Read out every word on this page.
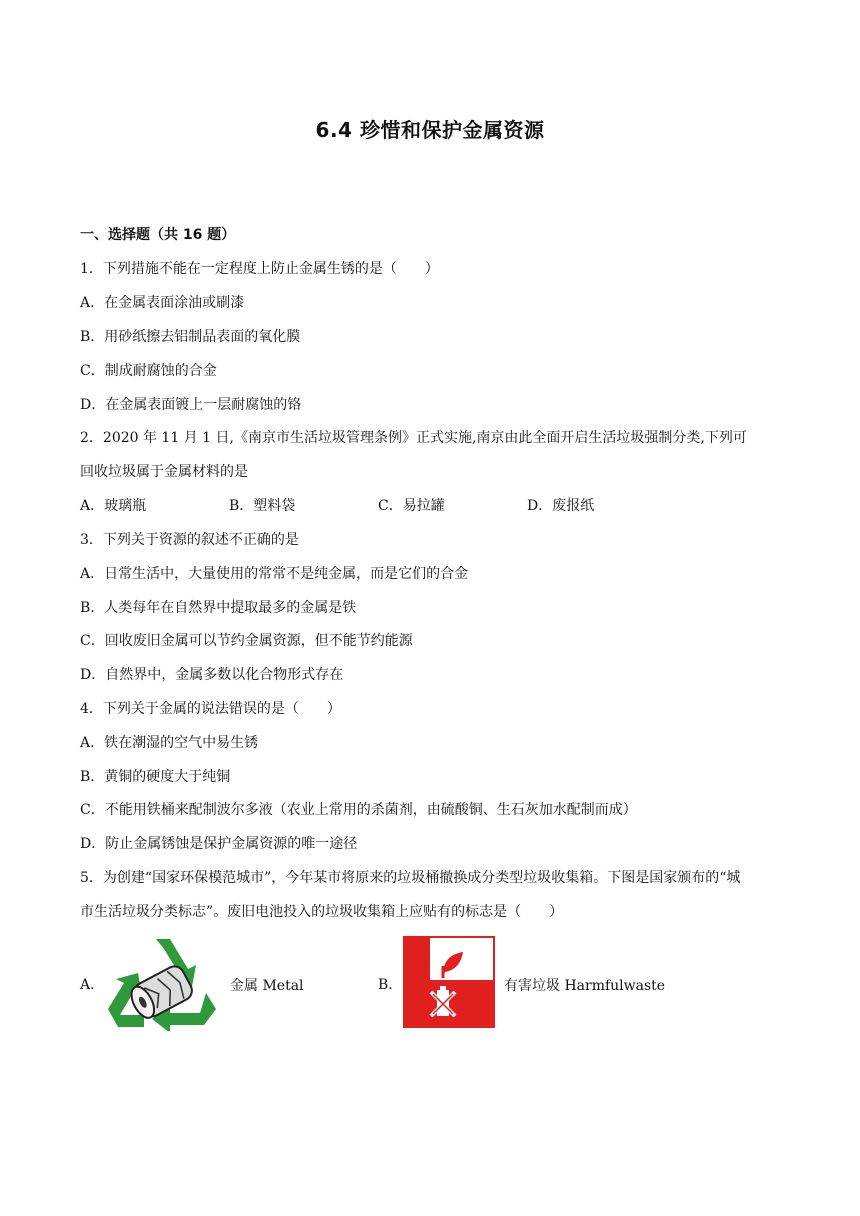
6.4 珍惜和保护金属资源
一、选择题（共 16 题）
1．下列措施不能在一定程度上防止金属生锈的是（　　）
A．在金属表面涂油或刷漆
B．用砂纸擦去铝制品表面的氧化膜
C．制成耐腐蚀的合金
D．在金属表面镀上一层耐腐蚀的铬
2．2020 年 11 月 1 日,《南京市生活垃圾管理条例》正式实施,南京由此全面开启生活垃圾强制分类,下列可
回收垃圾属于金属材料的是
A．玻璃瓶	B．塑料袋	C．易拉罐	D．废报纸
3．下列关于资源的叙述不正确的是
A．日常生活中，大量使用的常常不是纯金属，而是它们的合金
B．人类每年在自然界中提取最多的金属是铁
C．回收废旧金属可以节约金属资源，但不能节约能源
D．自然界中，金属多数以化合物形式存在
4．下列关于金属的说法错误的是（　　）
A．铁在潮湿的空气中易生锈
B．黄铜的硬度大于纯铜
C．不能用铁桶来配制波尔多液（农业上常用的杀菌剂，由硫酸铜、生石灰加水配制而成）
D．防止金属锈蚀是保护金属资源的唯一途径
5．为创建“国家环保模范城市”，今年某市将原来的垃圾桶撤换成分类型垃圾收集箱。下图是国家颁布的“城
市生活垃圾分类标志”。废旧电池投入的垃圾收集箱上应贴有的标志是（　　）
A．	金属 Metal	B．	有害垃圾 Harmfulwaste
